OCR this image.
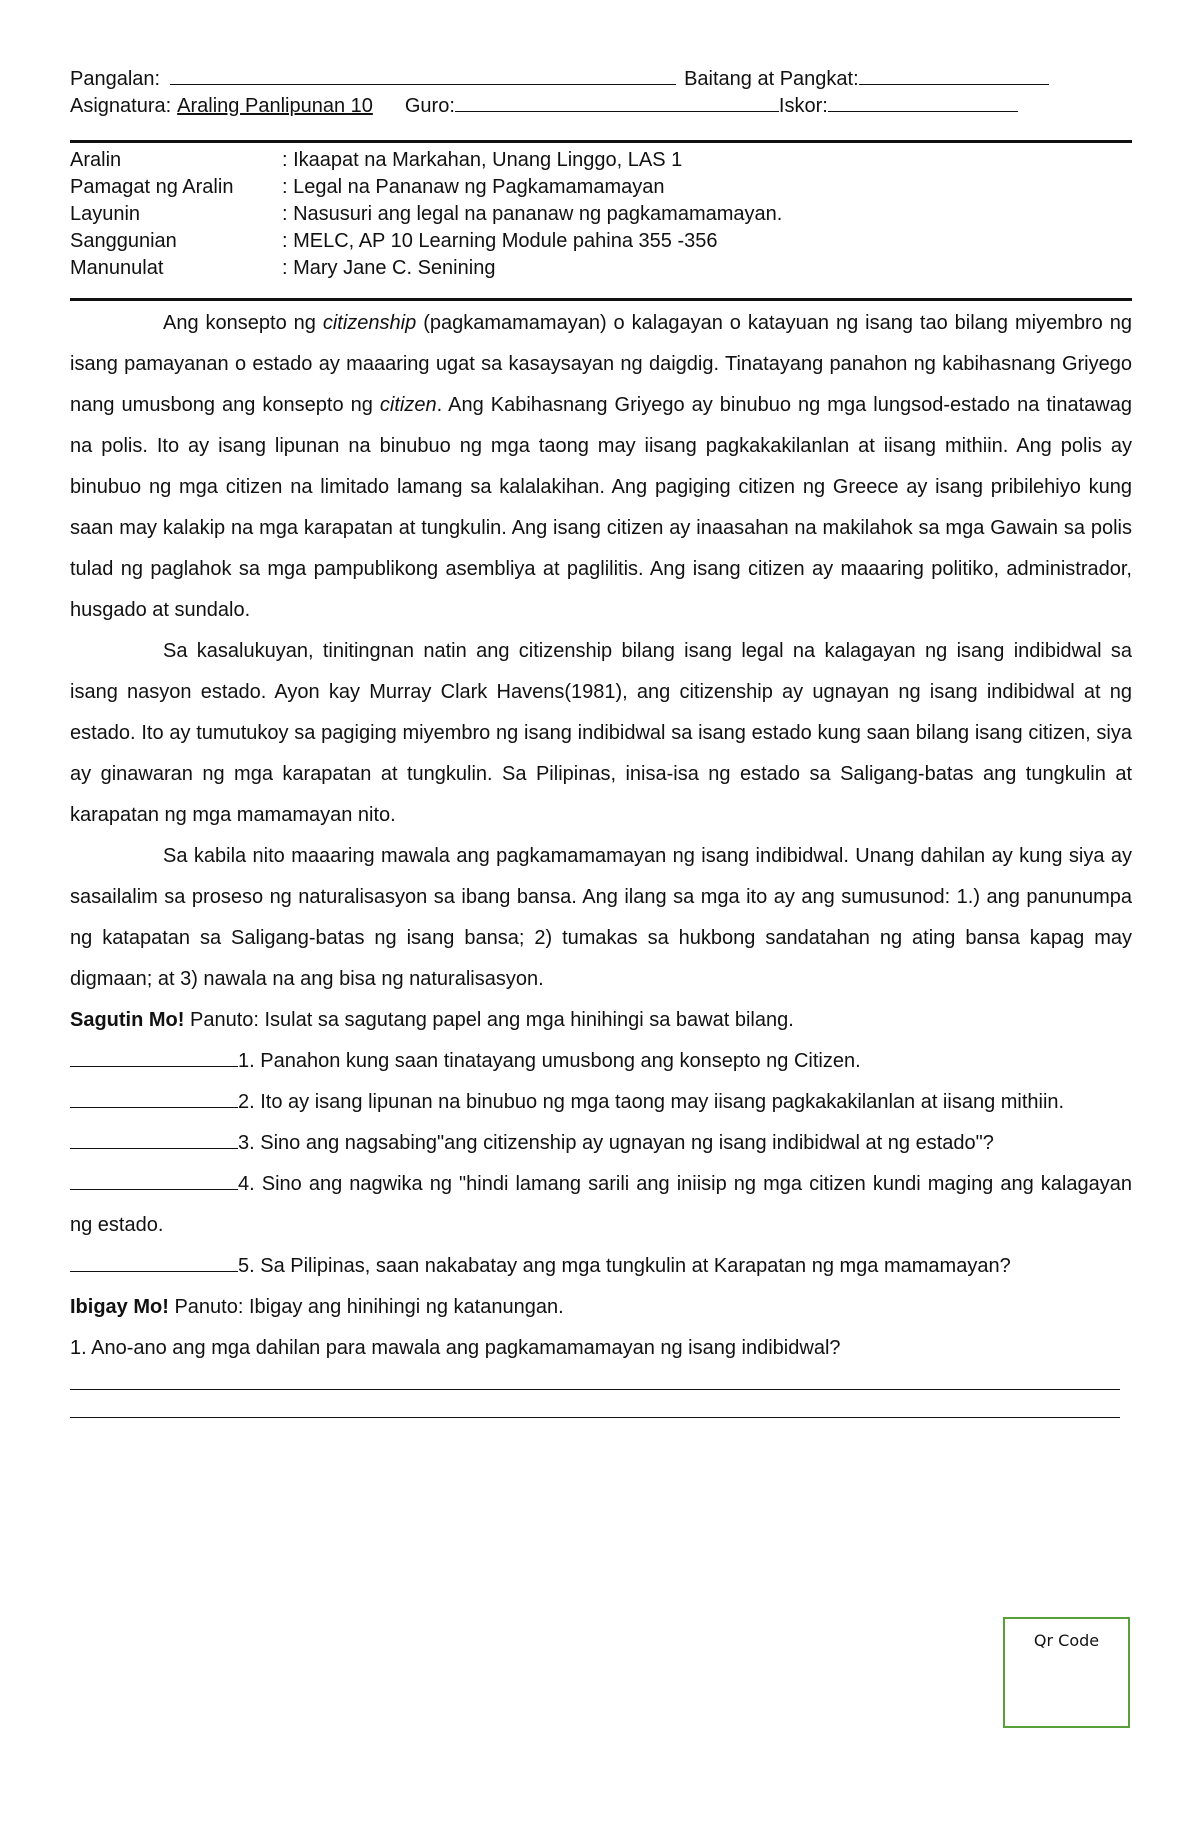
Pangalan:	Baitang at Pangkat:
Asignatura: Araling Panlipunan 10 Guro:	Iskor:
Aralin	: Ikaapat na Markahan, Unang Linggo, LAS 1
Pamagat ng Aralin	: Legal na Pananaw ng Pagkamamamayan
Layunin	: Nasusuri ang legal na pananaw ng pagkamamamayan.
Sanggunian	: MELC, AP 10 Learning Module pahina 355 -356
Manunulat	: Mary Jane C. Senining

Ang konsepto ng citizenship (pagkamamamayan) o kalagayan o katayuan ng isang tao bilang miyembro ng isang pamayanan o estado ay maaaring ugat sa kasaysayan ng daigdig. Tinatayang panahon ng kabihasnang Griyego nang umusbong ang konsepto ng citizen. Ang Kabihasnang Griyego ay binubuo ng mga lungsod-estado na tinatawag na polis. Ito ay isang lipunan na binubuo ng mga taong may iisang pagkakakilanlan at iisang mithiin. Ang polis ay binubuo ng mga citizen na limitado lamang sa kalalakihan. Ang pagiging citizen ng Greece ay isang pribilehiyo kung saan may kalakip na mga karapatan at tungkulin. Ang isang citizen ay inaasahan na makilahok sa mga Gawain sa polis tulad ng paglahok sa mga pampublikong asembliya at paglilitis. Ang isang citizen ay maaaring politiko, administrador, husgado at sundalo.

Sa kasalukuyan, tinitingnan natin ang citizenship bilang isang legal na kalagayan ng isang indibidwal sa isang nasyon estado. Ayon kay Murray Clark Havens(1981), ang citizenship ay ugnayan ng isang indibidwal at ng estado. Ito ay tumutukoy sa pagiging miyembro ng isang indibidwal sa isang estado kung saan bilang isang citizen, siya ay ginawaran ng mga karapatan at tungkulin. Sa Pilipinas, inisa-isa ng estado sa Saligang-batas ang tungkulin at karapatan ng mga mamamayan nito.

Sa kabila nito maaaring mawala ang pagkamamamayan ng isang indibidwal. Unang dahilan ay kung siya ay sasailalim sa proseso ng naturalisasyon sa ibang bansa. Ang ilang sa mga ito ay ang sumusunod: 1.) ang panunumpa ng katapatan sa Saligang-batas ng isang bansa; 2) tumakas sa hukbong sandatahan ng ating bansa kapag may digmaan; at 3) nawala na ang bisa ng naturalisasyon.

Sagutin Mo! Panuto: Isulat sa sagutang papel ang mga hinihingi sa bawat bilang.

1. Panahon kung saan tinatayang umusbong ang konsepto ng Citizen.

2. Ito ay isang lipunan na binubuo ng mga taong may iisang pagkakakilanlan at iisang mithiin.

3. Sino ang nagsabing"ang citizenship ay ugnayan ng isang indibidwal at ng estado"?

4. Sino ang nagwika ng "hindi lamang sarili ang iniisip ng mga citizen kundi maging ang kalagayan ng estado.

5. Sa Pilipinas, saan nakabatay ang mga tungkulin at Karapatan ng mga mamamayan?

Ibigay Mo! Panuto: Ibigay ang hinihingi ng katanungan.

1. Ano-ano ang mga dahilan para mawala ang pagkamamamayan ng isang indibidwal?

Qr Code
